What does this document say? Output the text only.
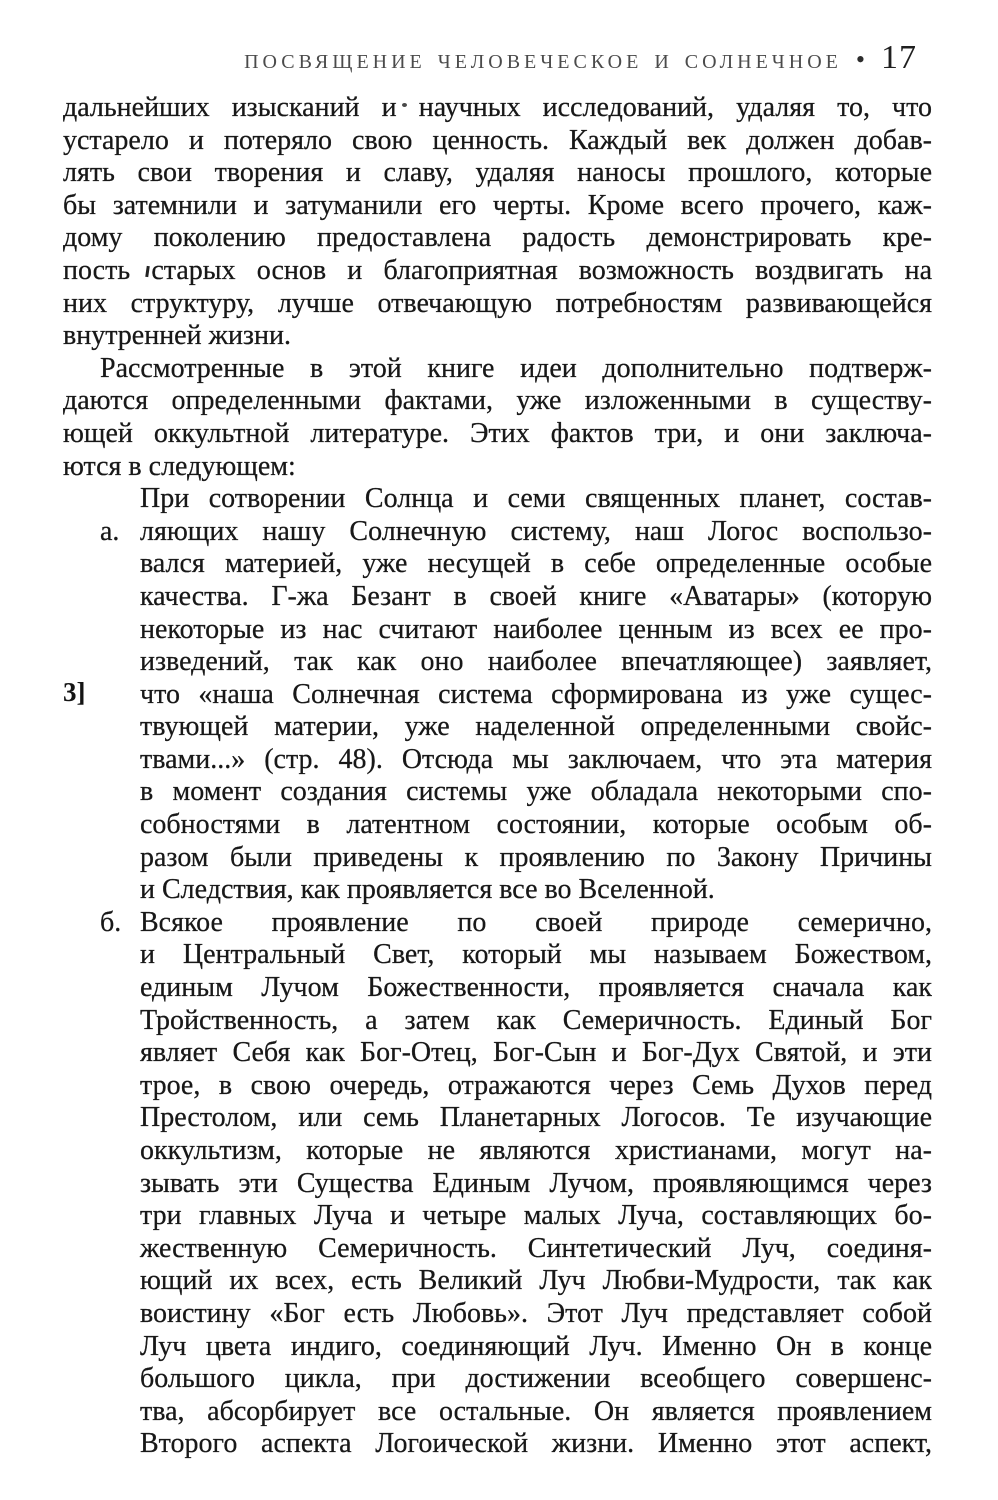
ПОСВЯЩЕНИЕ ЧЕЛОВЕЧЕСКОЕ И СОЛНЕЧНОЕ • 17
3]
дальнейших изысканий и научных исследований, удаляя то, что
устарело и потеряло свою ценность. Каждый век должен добав-
лять свои творения и славу, удаляя наносы прошлого, которые
бы затемнили и затуманили его черты. Кроме всего прочего, каж-
дому поколению предоставлена радость демонстрировать кре-
пость старых основ и благоприятная возможность воздвигать на
них структуру, лучше отвечающую потребностям развивающейся
внутренней жизни.
Рассмотренные в этой книге идеи дополнительно подтверж-
даются определенными фактами, уже изложенными в существу-
ющей оккультной литературе. Этих фактов три, и они заключа-
ются в следующем:
При сотворении Солнца и семи священных планет, состав-
а. ляющих нашу Солнечную систему, наш Логос воспользо-
вался материей, уже несущей в себе определенные особые
качества. Г-жа Безант в своей книге «Аватары» (которую
некоторые из нас считают наиболее ценным из всех ее про-
изведений, так как оно наиболее впечатляющее) заявляет,
что «наша Солнечная система сформирована из уже сущес-
твующей материи, уже наделенной определенными свойс-
твами...» (стр. 48). Отсюда мы заключаем, что эта материя
в момент создания системы уже обладала некоторыми спо-
собностями в латентном состоянии, которые особым об-
разом были приведены к проявлению по Закону Причины
и Следствия, как проявляется все во Вселенной.
б. Всякое проявление по своей природе семерично,
и Центральный Свет, который мы называем Божеством,
единым Лучом Божественности, проявляется сначала как
Тройственность, а затем как Семеричность. Единый Бог
являет Себя как Бог-Отец, Бог-Сын и Бог-Дух Святой, и эти
трое, в свою очередь, отражаются через Семь Духов перед
Престолом, или семь Планетарных Логосов. Те изучающие
оккультизм, которые не являются христианами, могут на-
зывать эти Существа Единым Лучом, проявляющимся через
три главных Луча и четыре малых Луча, составляющих бо-
жественную Семеричность. Синтетический Луч, соединя-
ющий их всех, есть Великий Луч Любви-Мудрости, так как
воистину «Бог есть Любовь». Этот Луч представляет собой
Луч цвета индиго, соединяющий Луч. Именно Он в конце
большого цикла, при достижении всеобщего совершенс-
тва, абсорбирует все остальные. Он является проявлением
Второго аспекта Логоической жизни. Именно этот аспект,
